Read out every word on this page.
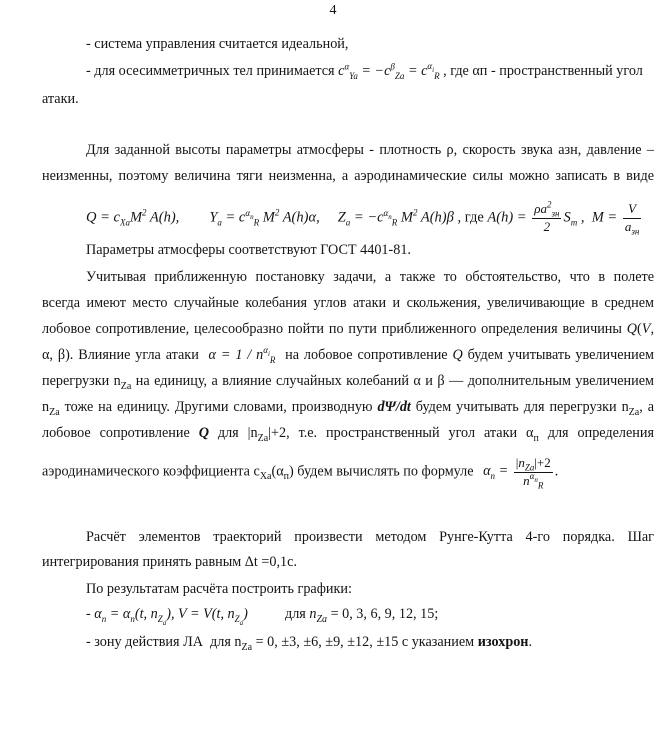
4
- система управления считается идеальной,
- для осесимметричных тел принимается $c^\alpha_{Ya} = -c^\beta_{Za} = c^{\alpha_i}_R$ , где αп - пространственный угол
атаки.
Для заданной высоты параметры атмосферы - плотность ρ, скорость звука aзн, давление –
неизменны, поэтому величина тяги неизменна, а аэродинамические силы можно записать в виде
$Q = c_{Xa}M^2$ A(h), $Y_a = c^{\alpha_n}_R$ $M^2$ A(h)α, $Z_a = -c^{\alpha_n}_R$ $M^2$ A(h)β , где $A(h) = \frac{\rho a^2_{зн}}{2} S_m$ ,  $M = \frac{V}{a_{зн}}$
Параметры атмосферы соответствуют ГОСТ 4401-81.
Учитывая приближенную постановку задачи, а также то обстоятельство, что в полете
всегда имеют место случайные колебания углов атаки и скольжения, увеличивающие в среднем
лобовое сопротивление, целесообразно пойти по пути приближенного определения величины Q(V,
α, β). Влияние угла атаки  $\alpha = 1 / n^{\alpha_i}_R$  на лобовое сопротивление Q будем учитывать увеличением
перегрузки $n_{Za}$ на единицу, а влияние случайных колебаний α и β — дополнительным увеличением
$n_{Za}$ тоже на единицу. Другими словами, производную dΨ/dt будем учитывать для перегрузки $n_{Za}$, а
лобовое сопротивление Q для $|n_{Za}|+2$, т.е. пространственный угол атаки $\alpha_п$ для определения
аэродинамического коэффициента $c_{Xa}(\alpha_п)$ будем вычислять по формуле $\alpha_п = \frac{|n_{Za}|+2}{n^{\alpha_п}_R}$ .
Расчёт элементов траекторий произвести методом Рунге-Кутта 4-го порядка. Шаг
интегрирования принять равным Δt =0,1c.
По результатам расчёта построить графики:
- $\alpha_п = \alpha_п(t$, $n_{Z_a}$), V = V(t, $n_{Z_a}$)	для $n_{Za} = 0$, 3, 6, 9, 12, 15;
- зону действия ЛА  для $n_{Za} = 0$, ±3, ±6, ±9, ±12, ±15 с указанием изохрон.
